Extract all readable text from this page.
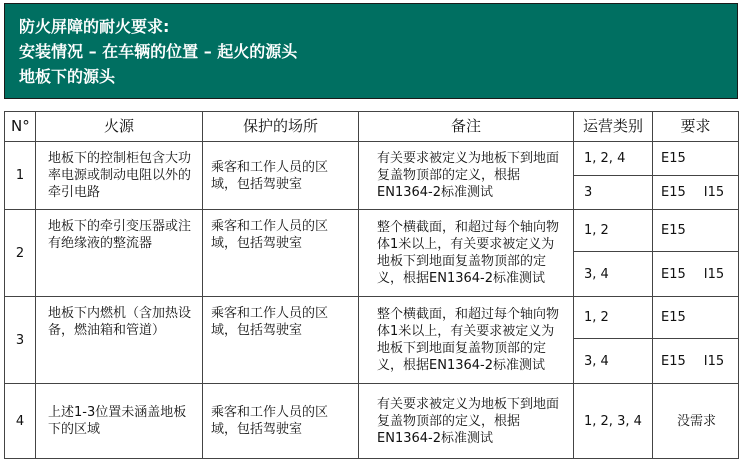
防火屏障的耐火要求:
安装情况 – 在车辆的位置 – 起火的源头
地板下的源头
N°	火源	保护的场所	备注	运营类别	要求
1	地板下的控制柜包含大功率电源或制动电阻以外的牵引电路	乘客和工作人员的区域，包括驾驶室	有关要求被定义为地板下到地面复盖物顶部的定义，根据EN1364-2标准测试	1, 2, 4	E15

				3	E15 I15

2	地板下的牵引变压器或注有绝缘液的整流器	乘客和工作人员的区域，包括驾驶室	整个横截面，和超过每个轴向物体1米以上，有关要求被定义为地板下到地面复盖物顶部的定义，根据EN1364-2标准测试	1, 2	E15

				3, 4	E15 I15

3	地板下内燃机（含加热设备，燃油箱和管道）	乘客和工作人员的区域，包括驾驶室	整个横截面，和超过每个轴向物体1米以上，有关要求被定义为地板下到地面复盖物顶部的定义，根据EN1364-2标准测试	1, 2	E15

				3, 4	E15 I15

4	上述1-3位置未涵盖地板下的区域	乘客和工作人员的区域，包括驾驶室	有关要求被定义为地板下到地面复盖物顶部的定义，根据EN1364-2标准测试	1, 2, 3, 4	没需求
